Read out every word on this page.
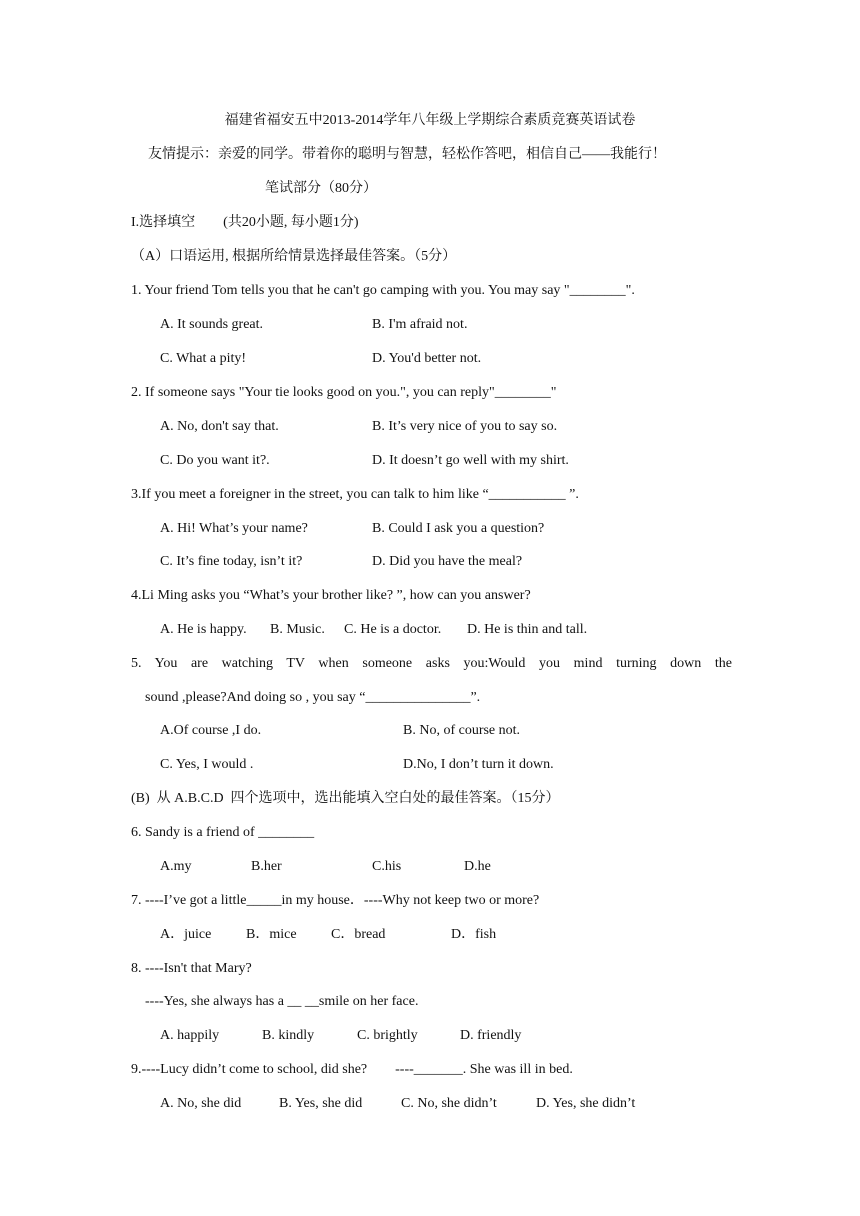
福建省福安五中2013-2014学年八年级上学期综合素质竞赛英语试卷
友情提示：亲爱的同学。带着你的聪明与智慧，轻松作答吧，相信自己——我能行！
笔试部分（80分）
I.选择填空　　(共20小题, 每小题1分)
（A）口语运用, 根据所给情景选择最佳答案。（5分）
1. Your friend Tom tells you that he can't go camping with you. You may say "________".
A. It sounds great.	B. I'm afraid not.
C. What a pity!	D. You'd better not.
2. If someone says "Your tie looks good on you.", you can reply"________"
A. No, don't say that.	B. It’s very nice of you to say so.
C. Do you want it?.	D. It doesn’t go well with my shirt.
3.If you meet a foreigner in the street, you can talk to him like “___________ ”.
A. Hi! What’s your name?	B. Could I ask you a question?
C. It’s fine today, isn’t it?	D. Did you have the meal?
4.Li Ming asks you “What’s your brother like? ”, how can you answer?
A. He is happy. B. Music. C. He is a doctor. D. He is thin and tall.
5. You are watching TV when someone asks you:Would you mind turning down the
sound ,please?And doing so , you say “_______________”.
A.Of course ,I do.	B. No, of course not.
C. Yes, I would .	D.No, I don’t turn it down.
(B)  从 A.B.C.D  四个选项中，选出能填入空白处的最佳答案。（15分）
6. Sandy is a friend of ________
A.my	B.her	C.his	D.he
7. ----I’ve got a little_____in my house．----Why not keep two or more?
A．juice B．mice C．bread	D．fish
8. ----Isn't that Mary?
----Yes, she always has a __ __smile on her face.
A. happily	B. kindly	C. brightly	D. friendly
9.----Lucy didn’t come to school, did she?　　----_______. She was ill in bed.
A. No, she did	B. Yes, she did	C. No, she didn’t	D. Yes, she didn’t
